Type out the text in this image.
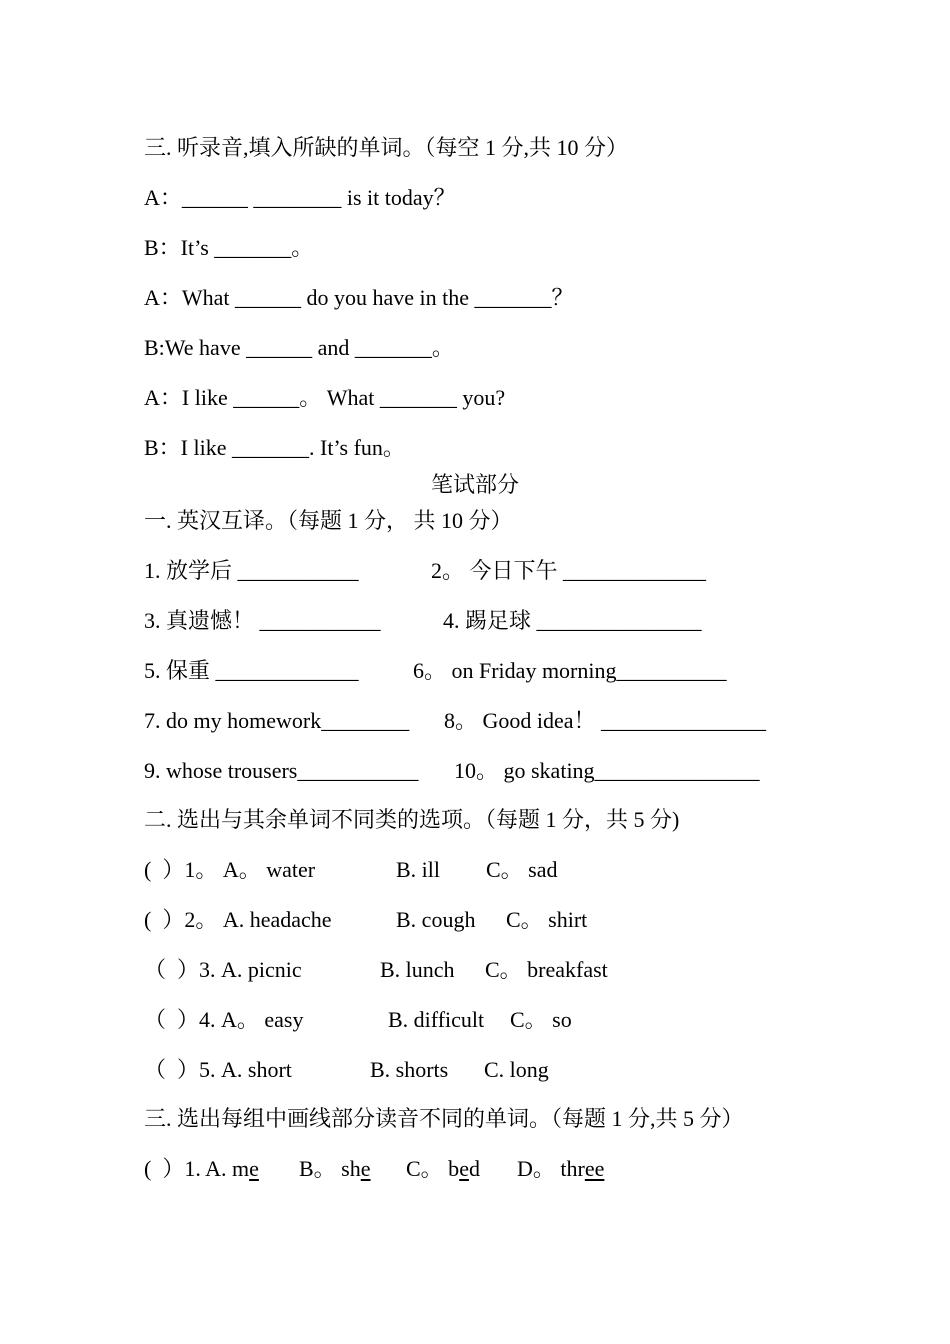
三. 听录音,填入所缺的单词。（每空 1 分,共 10 分）
A：______ ________ is it today？
B：It’s _______。
A：What ______ do you have in the _______？
B:We have ______ and _______。
A：I like ______。 What _______ you?
B：I like _______. It’s fun。
笔试部分
一. 英汉互译。（每题 1 分， 共 10 分）
1. 放学后 ___________	2。 今日下午 _____________
3. 真遗憾！ ___________	4. 踢足球 _______________
5. 保重 _____________ 6。 on Friday morning__________
7. do my homework________ 8。 Good idea！ _______________
9. whose trousers___________ 10。 go skating_______________
二. 选出与其余单词不同类的选项。（每题 1 分，共 5 分)
(  ）1。 A。 water	B. ill C。 sad
(  ）2。 A. headache	B. cough C。 shirt
（  ）3. A. picnic	B. lunch C。 breakfast
（  ）4. A。 easy	B. difficult C。 so
（  ）5. A. short	B. shorts C. long
三. 选出每组中画线部分读音不同的单词。（每题 1 分,共 5 分）
(  ）1. A. me B。 she C。 bed D。 three
